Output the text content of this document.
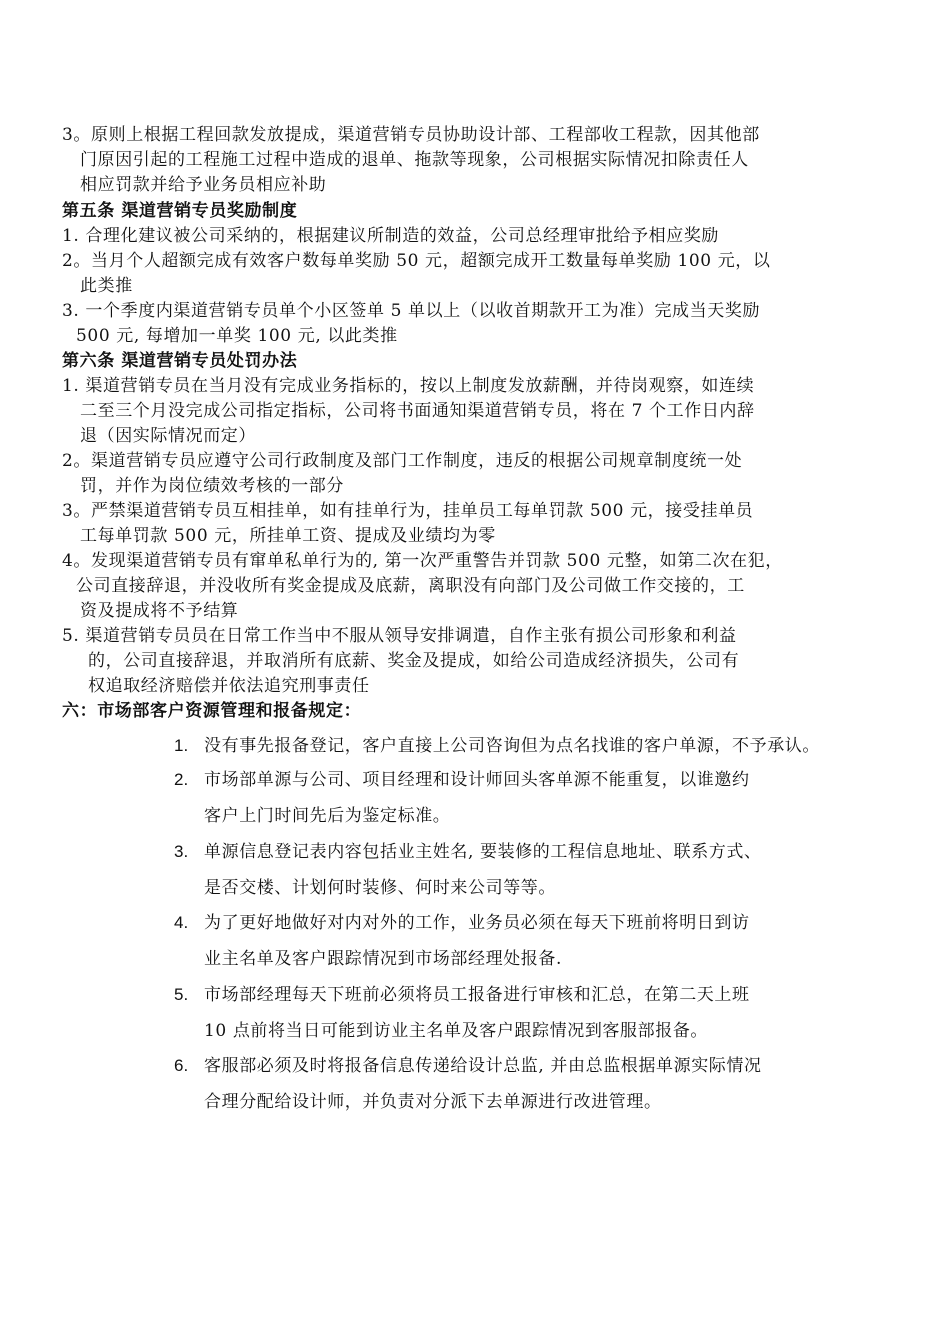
3。原则上根据工程回款发放提成，渠道营销专员协助设计部、工程部收工程款，因其他部
门原因引起的工程施工过程中造成的退单、拖款等现象，公司根据实际情况扣除责任人
相应罚款并给予业务员相应补助
第五条 渠道营销专员奖励制度
1. 合理化建议被公司采纳的，根据建议所制造的效益，公司总经理审批给予相应奖励
2。当月个人超额完成有效客户数每单奖励 50 元，超额完成开工数量每单奖励 100 元，以
此类推
3. 一个季度内渠道营销专员单个小区签单 5 单以上（以收首期款开工为准）完成当天奖励
500 元, 每增加一单奖 100 元, 以此类推
第六条 渠道营销专员处罚办法
1. 渠道营销专员在当月没有完成业务指标的，按以上制度发放薪酬，并待岗观察，如连续
二至三个月没完成公司指定指标，公司将书面通知渠道营销专员，将在 7 个工作日内辞
退（因实际情况而定）
2。渠道营销专员应遵守公司行政制度及部门工作制度，违反的根据公司规章制度统一处
罚，并作为岗位绩效考核的一部分
3。严禁渠道营销专员互相挂单，如有挂单行为，挂单员工每单罚款 500 元，接受挂单员
工每单罚款 500 元，所挂单工资、提成及业绩均为零
4。发现渠道营销专员有窜单私单行为的, 第一次严重警告并罚款 500 元整，如第二次在犯，
公司直接辞退，并没收所有奖金提成及底薪，离职没有向部门及公司做工作交接的，工
资及提成将不予结算
5. 渠道营销专员员在日常工作当中不服从领导安排调遣，自作主张有损公司形象和利益
的，公司直接辞退，并取消所有底薪、奖金及提成，如给公司造成经济损失，公司有
权追取经济赔偿并依法追究刑事责任
六：市场部客户资源管理和报备规定：
1. 没有事先报备登记，客户直接上公司咨询但为点名找谁的客户单源，不予承认。
2. 市场部单源与公司、项目经理和设计师回头客单源不能重复，以谁邀约
客户上门时间先后为鉴定标准。
3. 单源信息登记表内容包括业主姓名, 要装修的工程信息地址、联系方式、
是否交楼、计划何时装修、何时来公司等等。
4. 为了更好地做好对内对外的工作，业务员必须在每天下班前将明日到访
业主名单及客户跟踪情况到市场部经理处报备.
5. 市场部经理每天下班前必须将员工报备进行审核和汇总，在第二天上班
10 点前将当日可能到访业主名单及客户跟踪情况到客服部报备。
6. 客服部必须及时将报备信息传递给设计总监, 并由总监根据单源实际情况
合理分配给设计师，并负责对分派下去单源进行改进管理。
